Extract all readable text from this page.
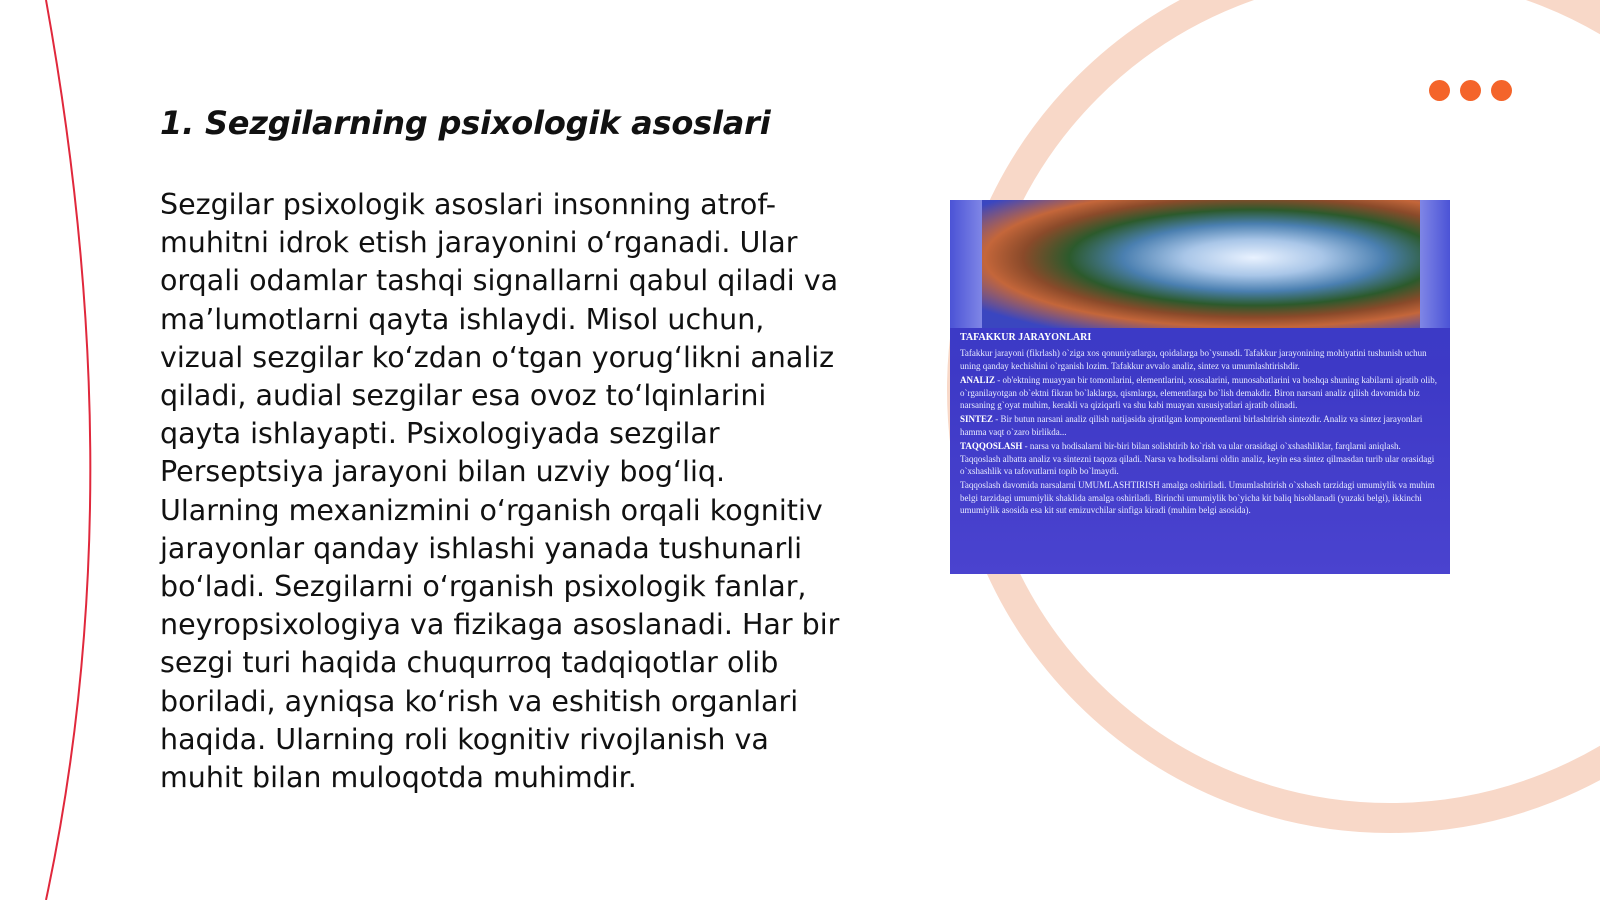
1. Sezgilarning psixologik asoslari

Sezgilar psixologik asoslari insonning atrof-muhitni idrok etish jarayonini o‘rganadi. Ular orqali odamlar tashqi signallarni qabul qiladi va ma’lumotlarni qayta ishlaydi. Misol uchun, vizual sezgilar ko‘zdan o‘tgan yorug‘likni analiz qiladi, audial sezgilar esa ovoz to‘lqinlarini qayta ishlayapti. Psixologiyada sezgilar Perseptsiya jarayoni bilan uzviy bog‘liq. Ularning mexanizmini o‘rganish orqali kognitiv jarayonlar qanday ishlashi yanada tushunarli bo‘ladi. Sezgilarni o‘rganish psixologik fanlar, neyropsixologiya va fizikaga asoslanadi. Har bir sezgi turi haqida chuqurroq tadqiqotlar olib boriladi, ayniqsa ko‘rish va eshitish organlari haqida. Ularning roli kognitiv rivojlanish va muhit bilan muloqotda muhimdir.

TAFAKKUR JARAYONLARI

Tafakkur jarayoni (fikrlash) o`ziga xos qonuniyatlarga, qoidalarga bo`ysunadi. Tafakkur jarayonining mohiyatini tushunish uchun uning qanday kechishini o`rganish lozim. Tafakkur avvalo analiz, sintez va umumlashtirishdir.

ANALIZ - ob'ektning muayyan bir tomonlarini, elementlarini, xossalarini, munosabatlarini va boshqa shuning kabilarni ajratib olib, o`rganilayotgan ob`ektni fikran bo`laklarga, qismlarga, elementlarga bo`lish demakdir. Biron narsani analiz qilish davomida biz narsaning g`oyat muhim, kerakli va qiziqarli va shu kabi muayan xususiyatlari ajratib olinadi.

SINTEZ - Bir butun narsani analiz qilish natijasida ajratilgan komponentlarni birlashtirish sintezdir. Analiz va sintez jarayonlari hamma vaqt o`zaro birlikda...

TAQQOSLASH - narsa va hodisalarni bir-biri bilan solishtirib ko`rish va ular orasidagi o`xshashliklar, farqlarni aniqlash. Taqqoslash albatta analiz va sintezni taqoza qiladi. Narsa va hodisalarni oldin analiz, keyin esa sintez qilmasdan turib ular orasidagi o`xshashlik va tafovutlarni topib bo`lmaydi.

Taqqoslash davomida narsalarni UMUMLASHTIRISH amalga oshiriladi. Umumlashtirish o`xshash tarzidagi umumiylik va muhim belgi tarzidagi umumiylik shaklida amalga oshiriladi. Birinchi umumiylik bo`yicha kit baliq hisoblanadi (yuzaki belgi), ikkinchi umumiylik asosida esa kit sut emizuvchilar sinfiga kiradi (muhim belgi asosida).
